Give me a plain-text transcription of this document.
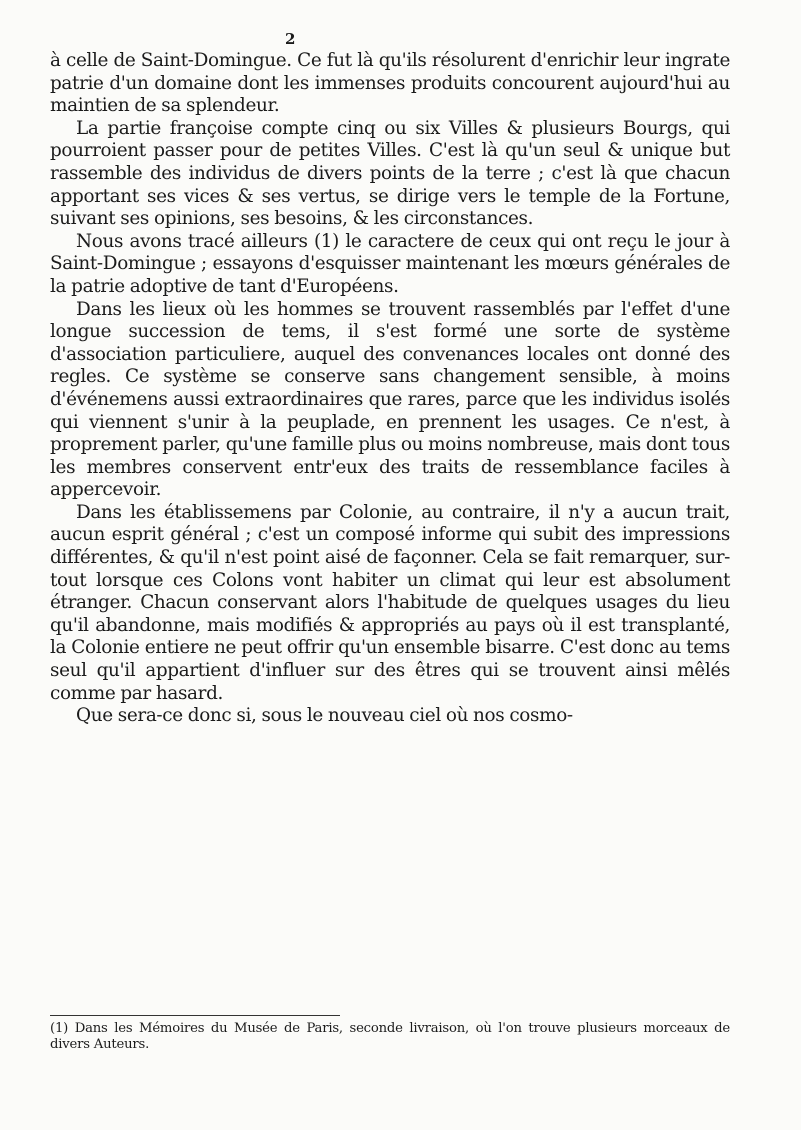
2

à celle de Saint-Domingue. Ce fut là qu'ils résolurent d'enrichir leur ingrate patrie d'un domaine dont les immenses produits concourent aujourd'hui au maintien de sa splendeur.

La partie françoise compte cinq ou six Villes & plusieurs Bourgs, qui pourroient passer pour de petites Villes. C'est là qu'un seul & unique but rassemble des individus de divers points de la terre ; c'est là que chacun apportant ses vices & ses vertus, se dirige vers le temple de la Fortune, suivant ses opinions, ses besoins, & les circonstances.

Nous avons tracé ailleurs (1) le caractere de ceux qui ont reçu le jour à Saint-Domingue ; essayons d'esquisser maintenant les mœurs générales de la patrie adoptive de tant d'Européens.

Dans les lieux où les hommes se trouvent rassemblés par l'effet d'une longue succession de tems, il s'est formé une sorte de système d'association particuliere, auquel des convenances locales ont donné des regles. Ce système se conserve sans changement sensible, à moins d'événemens aussi extraordinaires que rares, parce que les individus isolés qui viennent s'unir à la peuplade, en prennent les usages. Ce n'est, à proprement parler, qu'une famille plus ou moins nombreuse, mais dont tous les membres conservent entr'eux des traits de ressemblance faciles à appercevoir.

Dans les établissemens par Colonie, au contraire, il n'y a aucun trait, aucun esprit général ; c'est un composé informe qui subit des impressions différentes, & qu'il n'est point aisé de façonner. Cela se fait remarquer, sur-tout lorsque ces Colons vont habiter un climat qui leur est absolument étranger. Chacun conservant alors l'habitude de quelques usages du lieu qu'il abandonne, mais modifiés & appropriés au pays où il est transplanté, la Colonie entiere ne peut offrir qu'un ensemble bisarre. C'est donc au tems seul qu'il appartient d'influer sur des êtres qui se trouvent ainsi mêlés comme par hasard.

Que sera-ce donc si, sous le nouveau ciel où nos cosmo-

(1) Dans les Mémoires du Musée de Paris, seconde livraison, où l'on trouve plusieurs morceaux de divers Auteurs.
